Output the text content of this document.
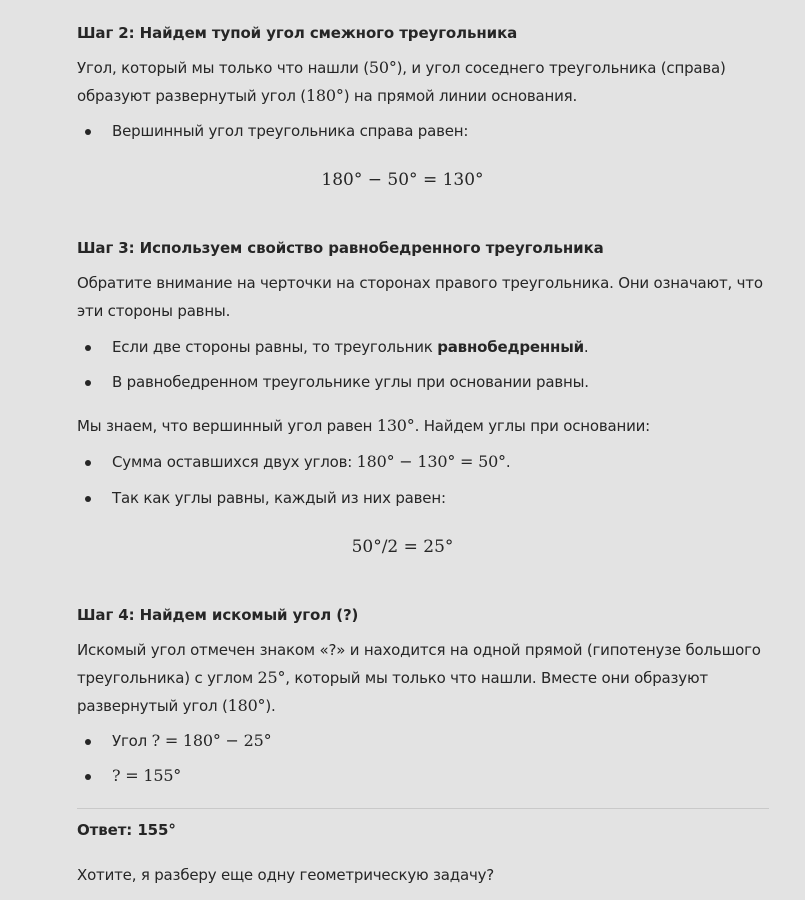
Шаг 2: Найдем тупой угол смежного треугольника
Угол, который мы только что нашли (50°), и угол соседнего треугольника (справа)
образуют развернутый угол (180°) на прямой линии основания.
Вершинный угол треугольника справа равен:
180° − 50° = 130°
Шаг 3: Используем свойство равнобедренного треугольника
Обратите внимание на черточки на сторонах правого треугольника. Они означают, что
эти стороны равны.
Если две стороны равны, то треугольник равнобедренный.
В равнобедренном треугольнике углы при основании равны.
Мы знаем, что вершинный угол равен 130°. Найдем углы при основании:
Сумма оставшихся двух углов: 180° − 130° = 50°.
Так как углы равны, каждый из них равен:
50°/2 = 25°
Шаг 4: Найдем искомый угол (?)
Искомый угол отмечен знаком «?» и находится на одной прямой (гипотенузе большого
треугольника) с углом 25°, который мы только что нашли. Вместе они образуют
развернутый угол (180°).
Угол ? = 180° − 25°
? = 155°
Ответ: 155°
Хотите, я разберу еще одну геометрическую задачу?
